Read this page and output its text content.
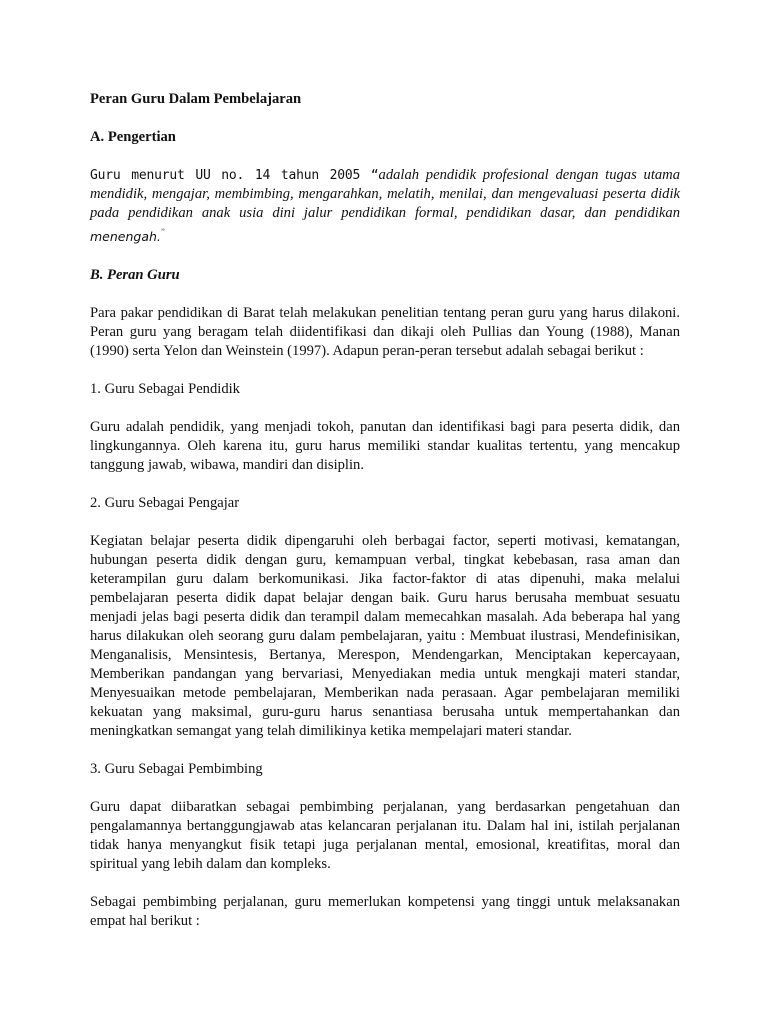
Peran Guru Dalam Pembelajaran
A. Pengertian
Guru menurut UU no. 14 tahun 2005 “adalah pendidik profesional dengan tugas utama mendidik, mengajar, membimbing, mengarahkan, melatih, menilai, dan mengevaluasi peserta didik pada pendidikan anak usia dini jalur pendidikan formal, pendidikan dasar, dan pendidikan menengah.”
B. Peran Guru
Para pakar pendidikan di Barat telah melakukan penelitian tentang peran guru yang harus dilakoni. Peran guru yang beragam telah diidentifikasi dan dikaji oleh Pullias dan Young (1988), Manan (1990) serta Yelon dan Weinstein (1997). Adapun peran-peran tersebut adalah sebagai berikut :
1. Guru Sebagai Pendidik
Guru adalah pendidik, yang menjadi tokoh, panutan dan identifikasi bagi para peserta didik, dan lingkungannya. Oleh karena itu, guru harus memiliki standar kualitas tertentu, yang mencakup tanggung jawab, wibawa, mandiri dan disiplin.
2. Guru Sebagai Pengajar
Kegiatan belajar peserta didik dipengaruhi oleh berbagai factor, seperti motivasi, kematangan, hubungan peserta didik dengan guru, kemampuan verbal, tingkat kebebasan, rasa aman dan keterampilan guru dalam berkomunikasi. Jika factor-faktor di atas dipenuhi, maka melalui pembelajaran peserta didik dapat belajar dengan baik. Guru harus berusaha membuat sesuatu menjadi jelas bagi peserta didik dan terampil dalam memecahkan masalah. Ada beberapa hal yang harus dilakukan oleh seorang guru dalam pembelajaran, yaitu : Membuat ilustrasi, Mendefinisikan, Menganalisis, Mensintesis, Bertanya, Merespon, Mendengarkan, Menciptakan kepercayaan, Memberikan pandangan yang bervariasi, Menyediakan media untuk mengkaji materi standar, Menyesuaikan metode pembelajaran, Memberikan nada perasaan. Agar pembelajaran memiliki kekuatan yang maksimal, guru-guru harus senantiasa berusaha untuk mempertahankan dan meningkatkan semangat yang telah dimilikinya ketika mempelajari materi standar.
3. Guru Sebagai Pembimbing
Guru dapat diibaratkan sebagai pembimbing perjalanan, yang berdasarkan pengetahuan dan pengalamannya bertanggungjawab atas kelancaran perjalanan itu. Dalam hal ini, istilah perjalanan tidak hanya menyangkut fisik tetapi juga perjalanan mental, emosional, kreatifitas, moral dan spiritual yang lebih dalam dan kompleks.
Sebagai pembimbing perjalanan, guru memerlukan kompetensi yang tinggi untuk melaksanakan empat hal berikut :
